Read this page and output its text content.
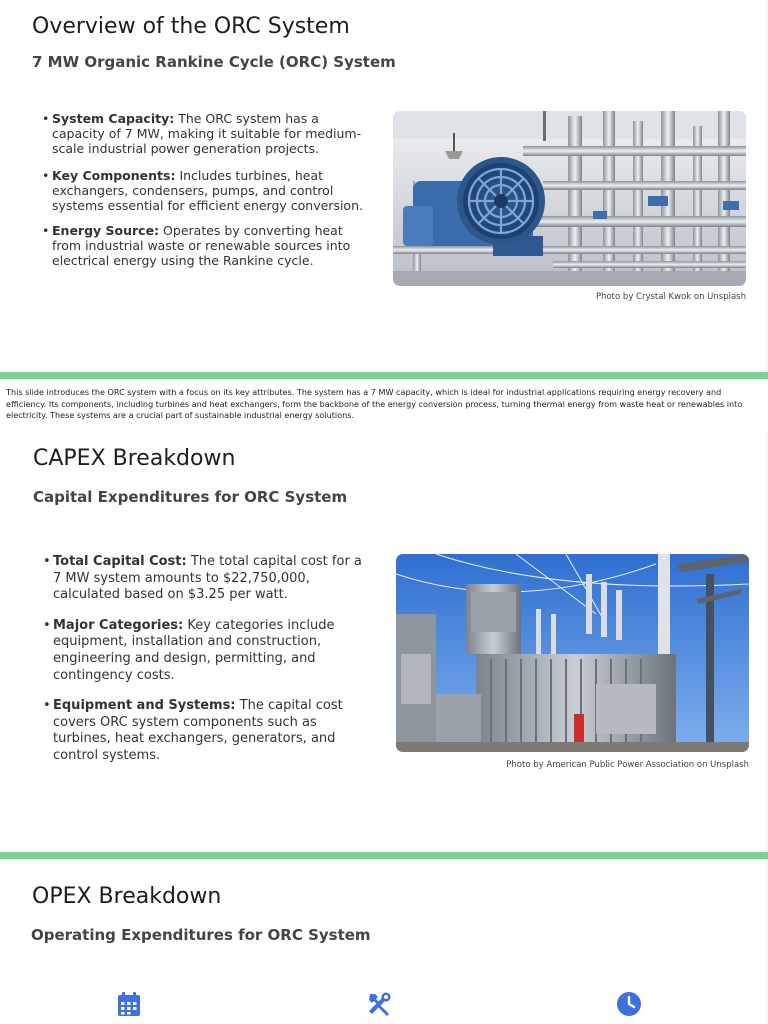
Overview of the ORC System
7 MW Organic Rankine Cycle (ORC) System
• System Capacity: The ORC system has a capacity of 7 MW, making it suitable for medium-scale industrial power generation projects.
• Key Components: Includes turbines, heat exchangers, condensers, pumps, and control systems essential for efficient energy conversion.
• Energy Source: Operates by converting heat from industrial waste or renewable sources into electrical energy using the Rankine cycle.
Photo by Crystal Kwok on Unsplash
This slide introduces the ORC system with a focus on its key attributes. The system has a 7 MW capacity, which is ideal for industrial applications requiring energy recovery and efficiency. Its components, including turbines and heat exchangers, form the backbone of the energy conversion process, turning thermal energy from waste heat or renewables into electricity. These systems are a crucial part of sustainable industrial energy solutions.
CAPEX Breakdown
Capital Expenditures for ORC System
• Total Capital Cost: The total capital cost for a 7 MW system amounts to $22,750,000, calculated based on $3.25 per watt.
• Major Categories: Key categories include equipment, installation and construction, engineering and design, permitting, and contingency costs.
• Equipment and Systems: The capital cost covers ORC system components such as turbines, heat exchangers, generators, and control systems.
Photo by American Public Power Association on Unsplash
OPEX Breakdown
Operating Expenditures for ORC System
